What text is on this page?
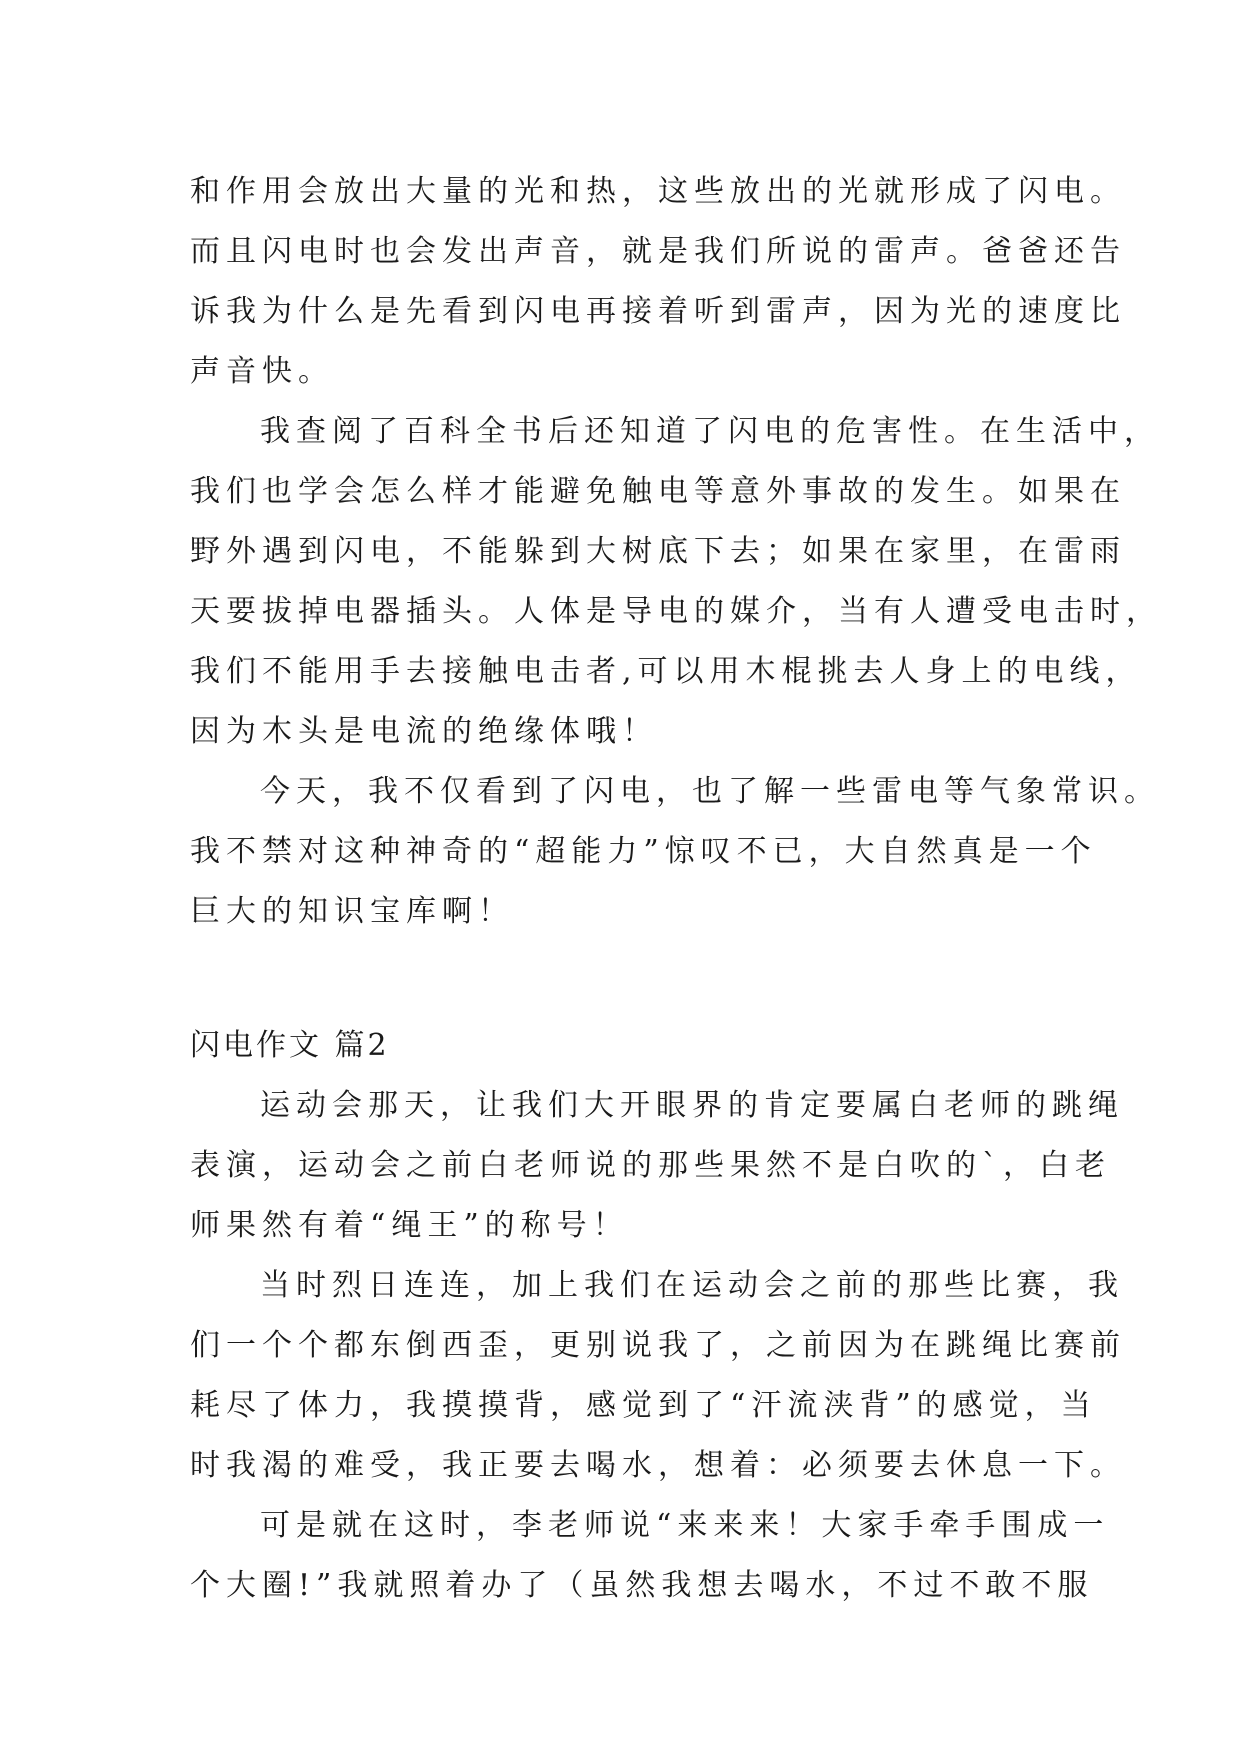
和作用会放出大量的光和热，这些放出的光就形成了闪电。
而且闪电时也会发出声音，就是我们所说的雷声。爸爸还告
诉我为什么是先看到闪电再接着听到雷声，因为光的速度比
声音快。
我查阅了百科全书后还知道了闪电的危害性。在生活中，
我们也学会怎么样才能避免触电等意外事故的发生。如果在
野外遇到闪电，不能躲到大树底下去；如果在家里，在雷雨
天要拔掉电器插头。人体是导电的媒介，当有人遭受电击时，
我们不能用手去接触电击者,可以用木棍挑去人身上的电线，
因为木头是电流的绝缘体哦！
今天，我不仅看到了闪电，也了解一些雷电等气象常识。
我不禁对这种神奇的“超能力”惊叹不已，大自然真是一个
巨大的知识宝库啊！
闪电作文 篇2
运动会那天，让我们大开眼界的肯定要属白老师的跳绳
表演，运动会之前白老师说的那些果然不是白吹的`，白老
师果然有着“绳王”的称号！
当时烈日连连，加上我们在运动会之前的那些比赛，我
们一个个都东倒西歪，更别说我了，之前因为在跳绳比赛前
耗尽了体力，我摸摸背，感觉到了“汗流浃背”的感觉，当
时我渴的难受，我正要去喝水，想着：必须要去休息一下。
可是就在这时，李老师说“来来来！大家手牵手围成一
个大圈!”我就照着办了（虽然我想去喝水，不过不敢不服
